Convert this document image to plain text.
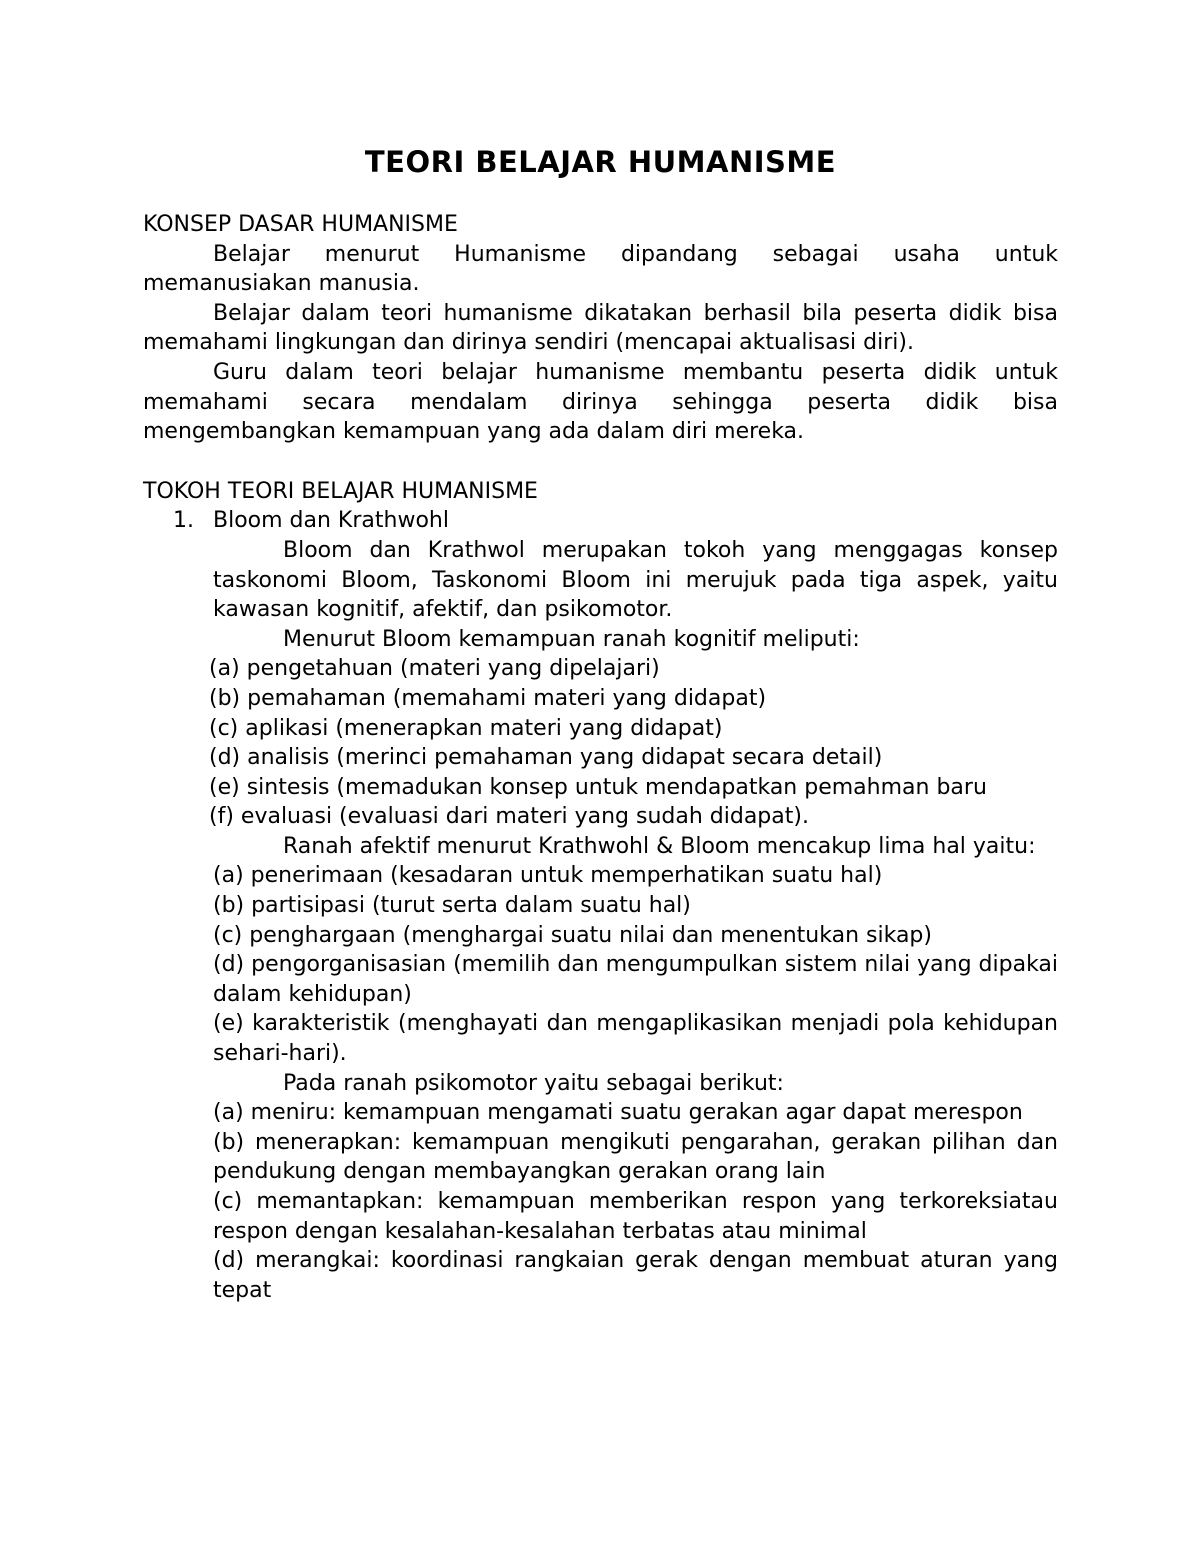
TEORI BELAJAR HUMANISME
KONSEP DASAR HUMANISME

Belajar menurut Humanisme dipandang sebagai usaha untuk memanusiakan manusia.

Belajar dalam teori humanisme dikatakan berhasil bila peserta didik bisa memahami lingkungan dan dirinya sendiri (mencapai aktualisasi diri).

Guru dalam teori belajar humanisme membantu peserta didik untuk memahami secara mendalam dirinya sehingga peserta didik bisa mengembangkan kemampuan yang ada dalam diri mereka.

TOKOH TEORI BELAJAR HUMANISME
1. Bloom dan Krathwohl

Bloom dan Krathwol merupakan tokoh yang menggagas konsep taskonomi Bloom, Taskonomi Bloom ini merujuk pada tiga aspek, yaitu kawasan kognitif, afektif, dan psikomotor.

Menurut Bloom kemampuan ranah kognitif meliputi:

(a) pengetahuan (materi yang dipelajari)

(b) pemahaman (memahami materi yang didapat)

(c) aplikasi (menerapkan materi yang didapat)

(d) analisis (merinci pemahaman yang didapat secara detail)

(e) sintesis (memadukan konsep untuk mendapatkan pemahman baru

(f) evaluasi (evaluasi dari materi yang sudah didapat).

Ranah afektif menurut Krathwohl & Bloom mencakup lima hal yaitu:

(a) penerimaan (kesadaran untuk memperhatikan suatu hal)

(b) partisipasi (turut serta dalam suatu hal)

(c) penghargaan (menghargai suatu nilai dan menentukan sikap)

(d) pengorganisasian (memilih dan mengumpulkan sistem nilai yang dipakai dalam kehidupan)

(e) karakteristik (menghayati dan mengaplikasikan menjadi pola kehidupan sehari-hari).

Pada ranah psikomotor yaitu sebagai berikut:

(a) meniru: kemampuan mengamati suatu gerakan agar dapat merespon

(b) menerapkan: kemampuan mengikuti pengarahan, gerakan pilihan dan pendukung dengan membayangkan gerakan orang lain

(c) memantapkan: kemampuan memberikan respon yang terkoreksiatau respon dengan kesalahan-kesalahan terbatas atau minimal

(d) merangkai: koordinasi rangkaian gerak dengan membuat aturan yang tepat
